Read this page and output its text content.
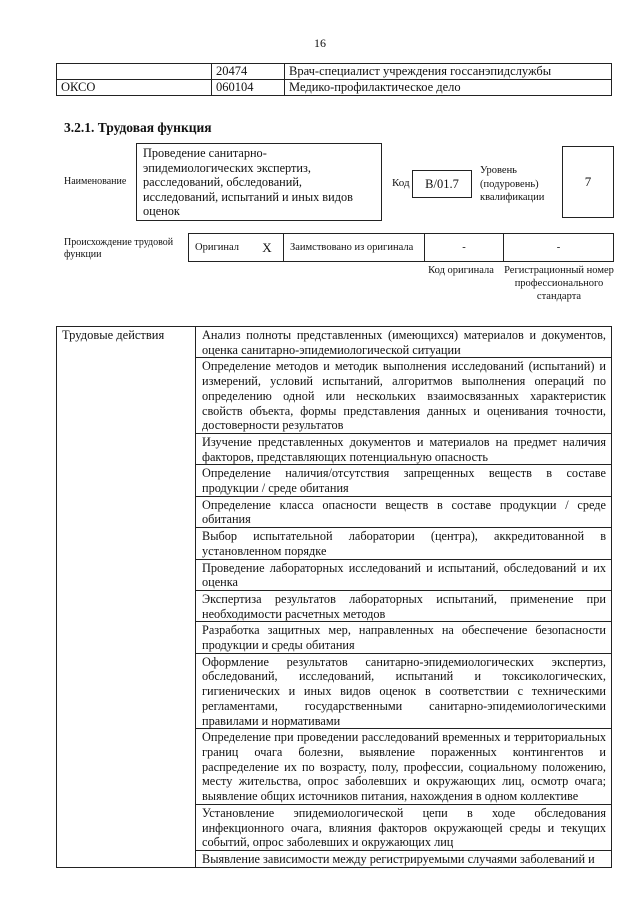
16
	20474	Врач-специалист учреждения госсанэпидслужбы
ОКСО	060104	Медико-профилактическое дело
3.2.1. Трудовая функция
Наименование
Проведение санитарно-эпидемиологических экспертиз, расследований, обследований, исследований, испытаний и иных видов оценок
Код	B/01.7
Уровень (подуровень) квалификации
7
Происхождение трудовой функции
Оригинал	X	Заимствовано из оригинала	-	-
Код оригинала Регистрационный номер профессионального стандарта
Трудовые действия	Анализ полноты представленных (имеющихся) материалов и документов, оценка санитарно-эпидемиологической ситуации
Определение методов и методик выполнения исследований (испытаний) и измерений, условий испытаний, алгоритмов выполнения операций по определению одной или нескольких взаимосвязанных характеристик свойств объекта, формы представления данных и оценивания точности, достоверности результатов
Изучение представленных документов и материалов на предмет наличия факторов, представляющих потенциальную опасность
Определение наличия/отсутствия запрещенных веществ в составе продукции / среде обитания
Определение класса опасности веществ в составе продукции / среде обитания
Выбор испытательной лаборатории (центра), аккредитованной в установленном порядке
Проведение лабораторных исследований и испытаний, обследований и их оценка
Экспертиза результатов лабораторных испытаний, применение при необходимости расчетных методов
Разработка защитных мер, направленных на обеспечение безопасности продукции и среды обитания
Оформление результатов санитарно-эпидемиологических экспертиз, обследований, исследований, испытаний и токсикологических, гигиенических и иных видов оценок в соответствии с техническими регламентами, государственными санитарно-эпидемиологическими правилами и нормативами
Определение при проведении расследований временных и территориальных границ очага болезни, выявление пораженных контингентов и распределение их по возрасту, полу, профессии, социальному положению, месту жительства, опрос заболевших и окружающих лиц, осмотр очага; выявление общих источников питания, нахождения в одном коллективе
Установление эпидемиологической цепи в ходе обследования инфекционного очага, влияния факторов окружающей среды и текущих событий, опрос заболевших и окружающих лиц
Выявление зависимости между регистрируемыми случаями заболеваний и
